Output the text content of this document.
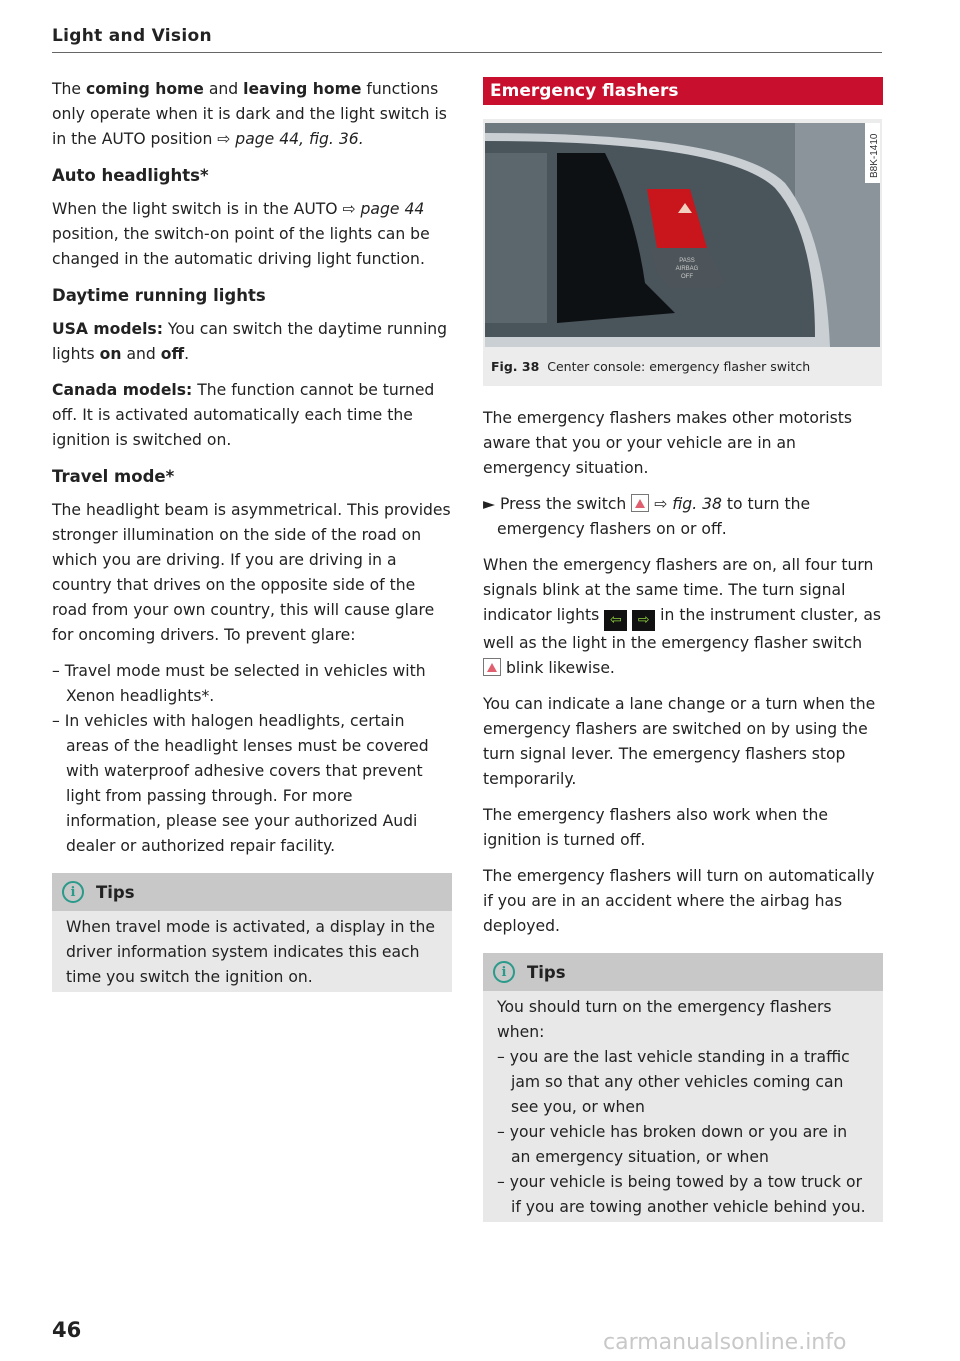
Light and Vision

The coming home and leaving home functions only operate when it is dark and the light switch is in the AUTO position ⇨ page 44, fig. 36.

Auto headlights*

When the light switch is in the AUTO ⇨ page 44 position, the switch-on point of the lights can be changed in the automatic driving light function.

Daytime running lights

USA models: You can switch the daytime running lights on and off.

Canada models: The function cannot be turned off. It is activated automatically each time the ignition is switched on.

Travel mode*

The headlight beam is asymmetrical. This provides stronger illumination on the side of the road on which you are driving. If you are driving in a country that drives on the opposite side of the road from your own country, this will cause glare for oncoming drivers. To prevent glare:

– Travel mode must be selected in vehicles with Xenon headlights*.

– In vehicles with halogen headlights, certain areas of the headlight lenses must be covered with waterproof adhesive covers that prevent light from passing through. For more information, please see your authorized Audi dealer or authorized repair facility.

i	Tips
When travel mode is activated, a display in the driver information system indicates this each time you switch the ignition on.
Emergency flashers
PASS
AIRBAG
OFF
B8K-1410
Fig. 38 Center console: emergency flasher switch

The emergency flashers makes other motorists aware that you or your vehicle are in an emergency situation.

► Press the switch  ⇨ fig. 38 to turn the emergency flashers on or off.

When the emergency flashers are on, all four turn signals blink at the same time. The turn signal indicator lights ⇦ ⇨ in the instrument cluster, as well as the light in the emergency flasher switch  blink likewise.

You can indicate a lane change or a turn when the emergency flashers are switched on by using the turn signal lever. The emergency flashers stop temporarily.

The emergency flashers also work when the ignition is turned off.

The emergency flashers will turn on automatically if you are in an accident where the airbag has deployed.

i	Tips

You should turn on the emergency flashers when:

– you are the last vehicle standing in a traffic jam so that any other vehicles coming can see you, or when

– your vehicle has broken down or you are in an emergency situation, or when

– your vehicle is being towed by a tow truck or if you are towing another vehicle behind you.

46	carmanualsonline.info
